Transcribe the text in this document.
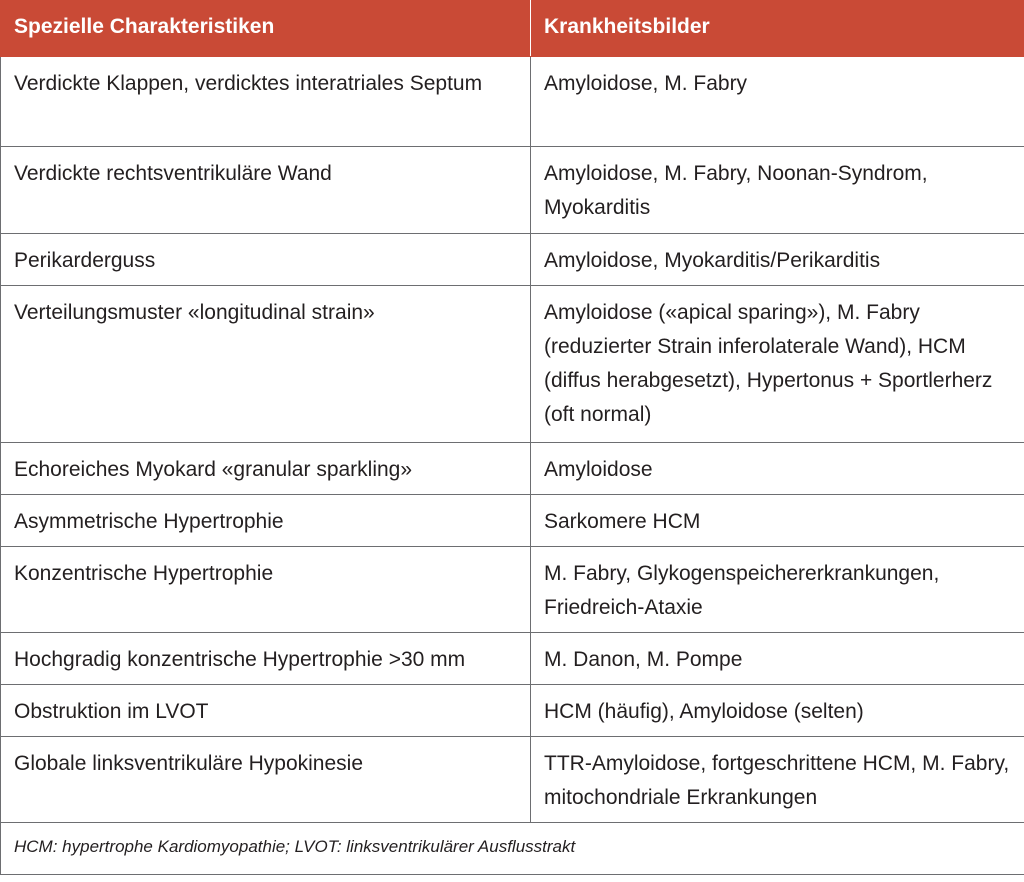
Spezielle Charakteristiken	Krankheitsbilder
Verdickte Klappen, verdicktes interatriales Septum	Amyloidose, M. Fabry
Verdickte rechtsventrikuläre Wand	Amyloidose, M. Fabry, Noonan-Syndrom, Myokarditis
Perikarderguss	Amyloidose, Myokarditis/Perikarditis
Verteilungsmuster «longitudinal strain»	Amyloidose («apical sparing»), M. Fabry (reduzierter Strain inferolaterale Wand), HCM (diffus herabgesetzt), Hypertonus + Sportlerherz (oft normal)
Echoreiches Myokard «granular sparkling»	Amyloidose
Asymmetrische Hypertrophie	Sarkomere HCM
Konzentrische Hypertrophie	M. Fabry, Glykogenspeichererkrankungen, Friedreich-Ataxie
Hochgradig konzentrische Hypertrophie >30 mm	M. Danon, M. Pompe
Obstruktion im LVOT	HCM (häufig), Amyloidose (selten)
Globale linksventrikuläre Hypokinesie	TTR-Amyloidose, fortgeschrittene HCM, M. Fabry, mitochondriale Erkrankungen
HCM: hypertrophe Kardiomyopathie; LVOT: linksventrikulärer Ausflusstrakt	
